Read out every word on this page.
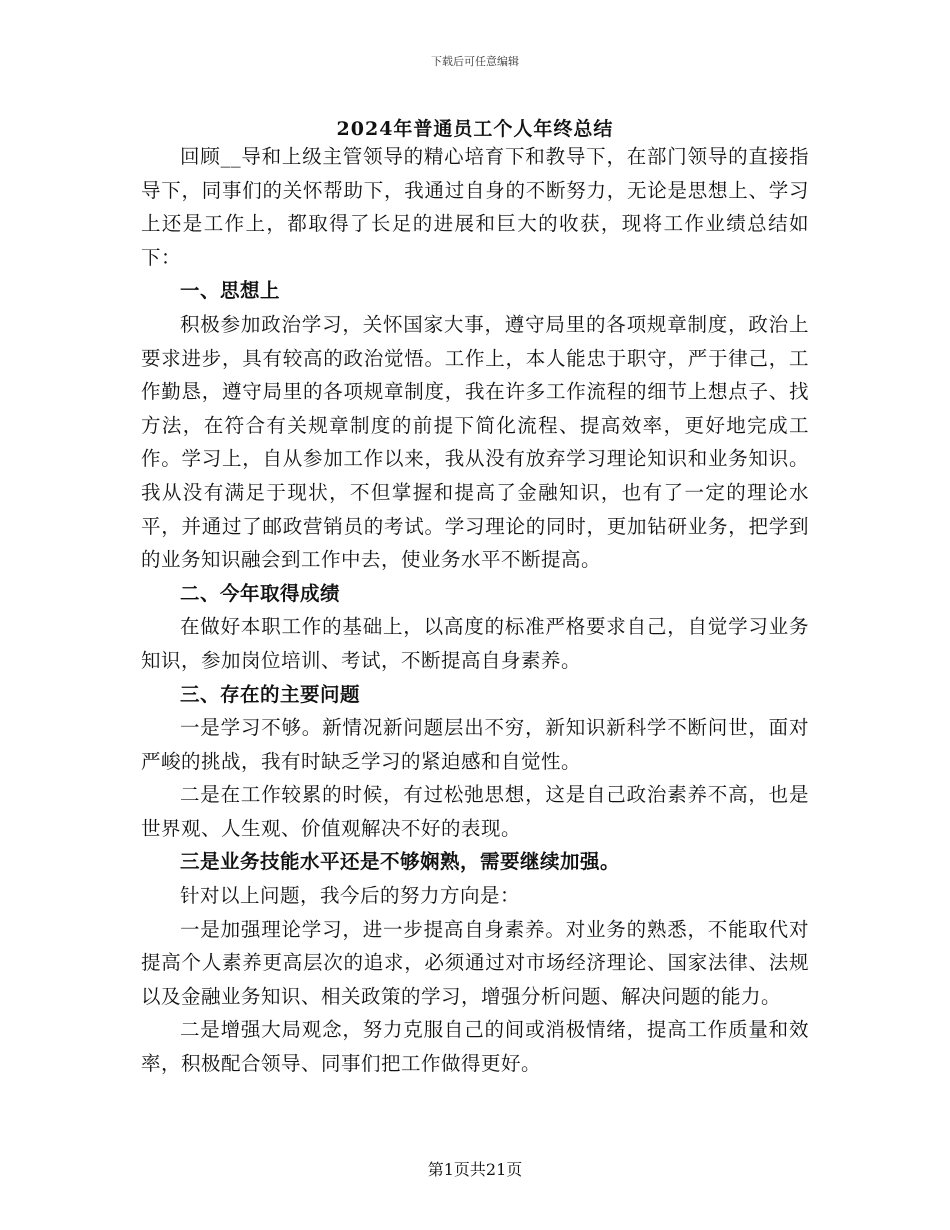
下载后可任意编辑
2024年普通员工个人年终总结

回顾__导和上级主管领导的精心培育下和教导下，在部门领导的直接指导下，同事们的关怀帮助下，我通过自身的不断努力，无论是思想上、学习上还是工作上，都取得了长足的进展和巨大的收获，现将工作业绩总结如下：

一、思想上

积极参加政治学习，关怀国家大事，遵守局里的各项规章制度，政治上要求进步，具有较高的政治觉悟。工作上，本人能忠于职守，严于律己，工作勤恳，遵守局里的各项规章制度，我在许多工作流程的细节上想点子、找方法，在符合有关规章制度的前提下简化流程、提高效率，更好地完成工作。学习上，自从参加工作以来，我从没有放弃学习理论知识和业务知识。我从没有满足于现状，不但掌握和提高了金融知识，也有了一定的理论水平，并通过了邮政营销员的考试。学习理论的同时，更加钻研业务，把学到的业务知识融会到工作中去，使业务水平不断提高。

二、今年取得成绩

在做好本职工作的基础上，以高度的标准严格要求自己，自觉学习业务知识，参加岗位培训、考试，不断提高自身素养。

三、存在的主要问题

一是学习不够。新情况新问题层出不穷，新知识新科学不断问世，面对严峻的挑战，我有时缺乏学习的紧迫感和自觉性。

二是在工作较累的时候，有过松弛思想，这是自己政治素养不高，也是世界观、人生观、价值观解决不好的表现。

三是业务技能水平还是不够娴熟，需要继续加强。

针对以上问题，我今后的努力方向是：

一是加强理论学习，进一步提高自身素养。对业务的熟悉，不能取代对提高个人素养更高层次的追求，必须通过对市场经济理论、国家法律、法规以及金融业务知识、相关政策的学习，增强分析问题、解决问题的能力。

二是增强大局观念，努力克服自己的间或消极情绪，提高工作质量和效率，积极配合领导、同事们把工作做得更好。

第1页共21页
